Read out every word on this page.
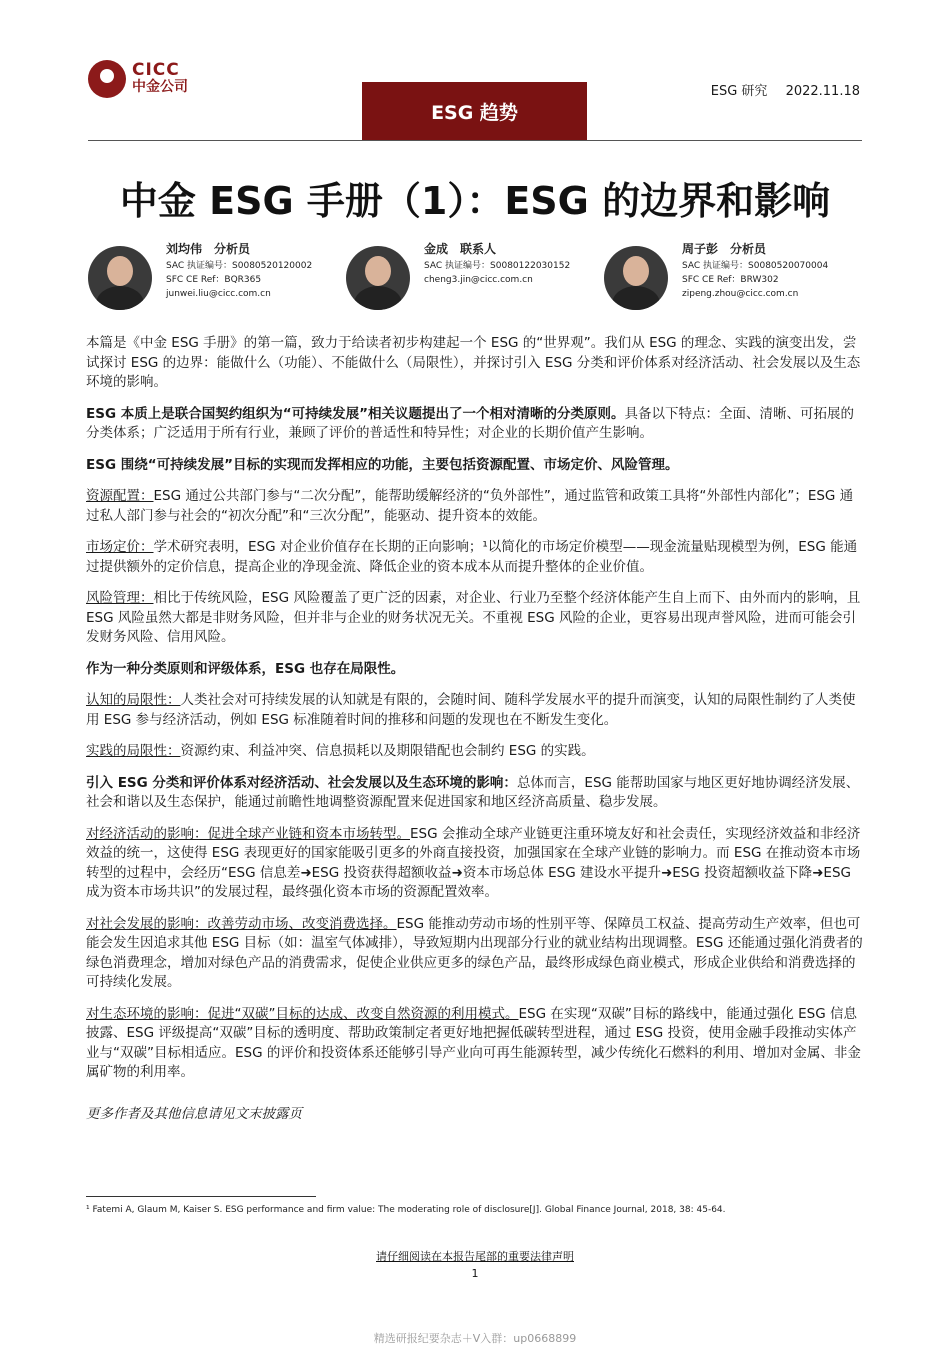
CICC
中金公司	ESG 研究 2022.11.18
ESG 趋势
中金 ESG 手册（1）：ESG 的边界和影响
刘均伟 分析员
SAC 执证编号：S0080520120002
SFC CE Ref：BQR365
junwei.liu@cicc.com.cn
金成 联系人
SAC 执证编号：S0080122030152
cheng3.jin@cicc.com.cn
周子彭 分析员
SAC 执证编号：S0080520070004
SFC CE Ref：BRW302
zipeng.zhou@cicc.com.cn

本篇是《中金 ESG 手册》的第一篇，致力于给读者初步构建起一个 ESG 的“世界观”。我们从 ESG 的理念、实践的演变出发，尝试探讨 ESG 的边界：能做什么（功能）、不能做什么（局限性），并探讨引入 ESG 分类和评价体系对经济活动、社会发展以及生态环境的影响。

ESG 本质上是联合国契约组织为“可持续发展”相关议题提出了一个相对清晰的分类原则。具备以下特点：全面、清晰、可拓展的分类体系；广泛适用于所有行业，兼顾了评价的普适性和特异性；对企业的长期价值产生影响。

ESG 围绕“可持续发展”目标的实现而发挥相应的功能，主要包括资源配置、市场定价、风险管理。

资源配置：ESG 通过公共部门参与“二次分配”，能帮助缓解经济的“负外部性”，通过监管和政策工具将“外部性内部化”；ESG 通过私人部门参与社会的“初次分配”和“三次分配”，能驱动、提升资本的效能。

市场定价：学术研究表明，ESG 对企业价值存在长期的正向影响；¹以简化的市场定价模型——现金流量贴现模型为例，ESG 能通过提供额外的定价信息，提高企业的净现金流、降低企业的资本成本从而提升整体的企业价值。

风险管理：相比于传统风险，ESG 风险覆盖了更广泛的因素，对企业、行业乃至整个经济体能产生自上而下、由外而内的影响，且 ESG 风险虽然大都是非财务风险，但并非与企业的财务状况无关。不重视 ESG 风险的企业，更容易出现声誉风险，进而可能会引发财务风险、信用风险。

作为一种分类原则和评级体系，ESG 也存在局限性。

认知的局限性：人类社会对可持续发展的认知就是有限的，会随时间、随科学发展水平的提升而演变，认知的局限性制约了人类使用 ESG 参与经济活动，例如 ESG 标准随着时间的推移和问题的发现也在不断发生变化。

实践的局限性：资源约束、利益冲突、信息损耗以及期限错配也会制约 ESG 的实践。

引入 ESG 分类和评价体系对经济活动、社会发展以及生态环境的影响：总体而言，ESG 能帮助国家与地区更好地协调经济发展、社会和谐以及生态保护，能通过前瞻性地调整资源配置来促进国家和地区经济高质量、稳步发展。

对经济活动的影响：促进全球产业链和资本市场转型。ESG 会推动全球产业链更注重环境友好和社会责任，实现经济效益和非经济效益的统一，这使得 ESG 表现更好的国家能吸引更多的外商直接投资，加强国家在全球产业链的影响力。而 ESG 在推动资本市场转型的过程中，会经历“ESG 信息差➜ESG 投资获得超额收益➜资本市场总体 ESG 建设水平提升➜ESG 投资超额收益下降➜ESG 成为资本市场共识”的发展过程，最终强化资本市场的资源配置效率。

对社会发展的影响：改善劳动市场、改变消费选择。ESG 能推动劳动市场的性别平等、保障员工权益、提高劳动生产效率，但也可能会发生因追求其他 ESG 目标（如：温室气体减排），导致短期内出现部分行业的就业结构出现调整。ESG 还能通过强化消费者的绿色消费理念，增加对绿色产品的消费需求，促使企业供应更多的绿色产品，最终形成绿色商业模式，形成企业供给和消费选择的可持续化发展。

对生态环境的影响：促进“双碳”目标的达成、改变自然资源的利用模式。ESG 在实现“双碳”目标的路线中，能通过强化 ESG 信息披露、ESG 评级提高“双碳”目标的透明度、帮助政策制定者更好地把握低碳转型进程，通过 ESG 投资，使用金融手段推动实体产业与“双碳”目标相适应。ESG 的评价和投资体系还能够引导产业向可再生能源转型，减少传统化石燃料的利用、增加对金属、非金属矿物的利用率。

更多作者及其他信息请见文末披露页
¹ Fatemi A, Glaum M, Kaiser S. ESG performance and firm value: The moderating role of disclosure[J]. Global Finance Journal, 2018, 38: 45-64.
请仔细阅读在本报告尾部的重要法律声明
1
精选研报纪要杂志＋V入群：up0668899
